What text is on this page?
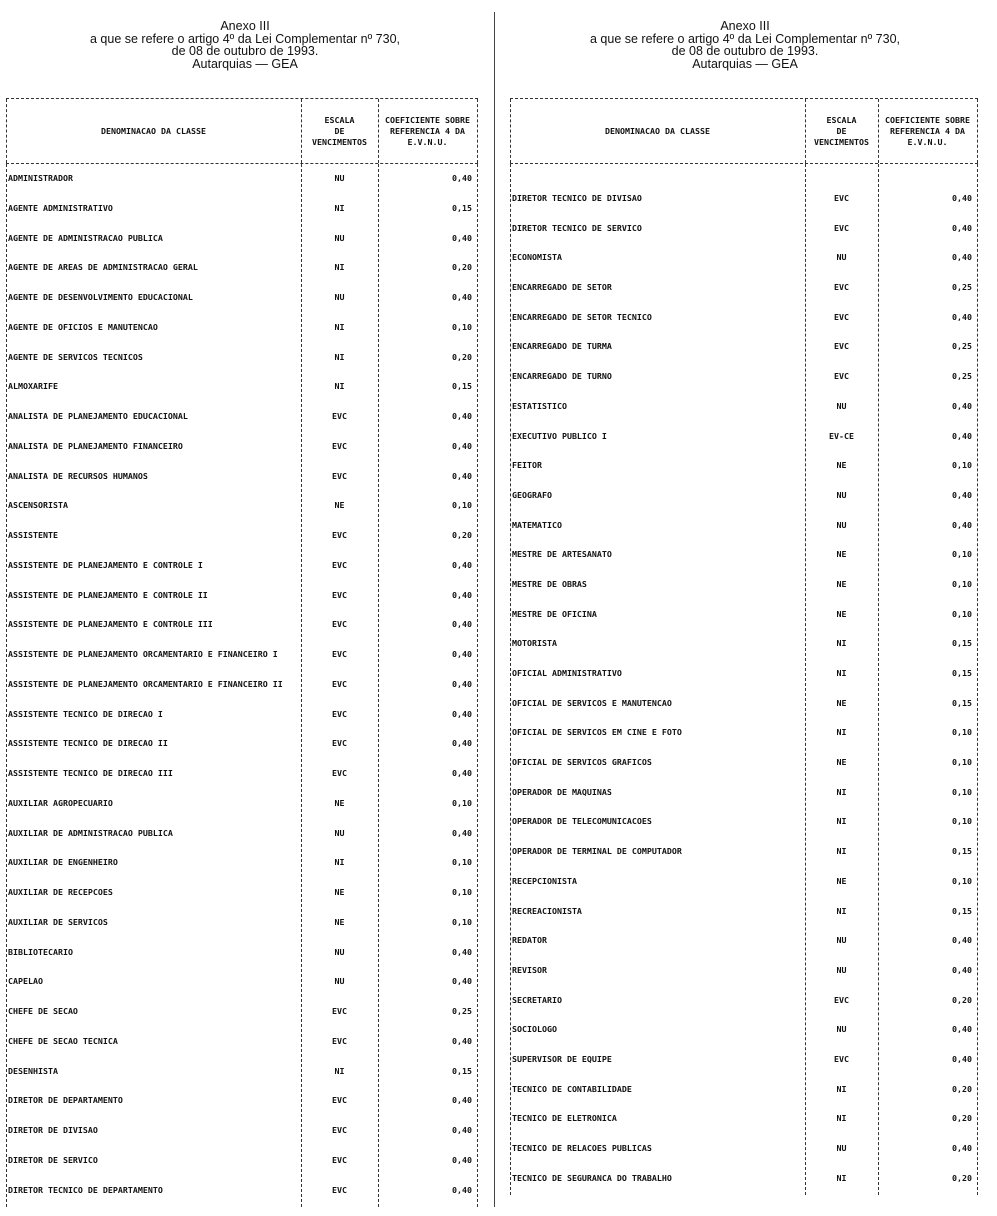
Anexo III
a que se refere o artigo 4º da Lei Complementar nº 730,
de 08 de outubro de 1993.
Autarquias — GEA
DENOMINACAO DA CLASSE
ESCALA
DE
VENCIMENTOS
COEFICIENTE SOBRE
REFERENCIA 4 DA
E.V.N.U.
ADMINISTRADOR	NU	0,40
AGENTE ADMINISTRATIVO	NI	0,15
AGENTE DE ADMINISTRACAO PUBLICA	NU	0,40
AGENTE DE AREAS DE ADMINISTRACAO GERAL	NI	0,20
AGENTE DE DESENVOLVIMENTO EDUCACIONAL	NU	0,40
AGENTE DE OFICIOS E MANUTENCAO	NI	0,10
AGENTE DE SERVICOS TECNICOS	NI	0,20
ALMOXARIFE	NI	0,15
ANALISTA DE PLANEJAMENTO EDUCACIONAL	EVC	0,40
ANALISTA DE PLANEJAMENTO FINANCEIRO	EVC	0,40
ANALISTA DE RECURSOS HUMANOS	EVC	0,40
ASCENSORISTA	NE	0,10
ASSISTENTE	EVC	0,20
ASSISTENTE DE PLANEJAMENTO E CONTROLE I	EVC	0,40
ASSISTENTE DE PLANEJAMENTO E CONTROLE II	EVC	0,40
ASSISTENTE DE PLANEJAMENTO E CONTROLE III	EVC	0,40
ASSISTENTE DE PLANEJAMENTO ORCAMENTARIO E FINANCEIRO I	EVC	0,40
ASSISTENTE DE PLANEJAMENTO ORCAMENTARIO E FINANCEIRO II	EVC	0,40
ASSISTENTE TECNICO DE DIRECAO I	EVC	0,40
ASSISTENTE TECNICO DE DIRECAO II	EVC	0,40
ASSISTENTE TECNICO DE DIRECAO III	EVC	0,40
AUXILIAR AGROPECUARIO	NE	0,10
AUXILIAR DE ADMINISTRACAO PUBLICA	NU	0,40
AUXILIAR DE ENGENHEIRO	NI	0,10
AUXILIAR DE RECEPCOES	NE	0,10
AUXILIAR DE SERVICOS	NE	0,10
BIBLIOTECARIO	NU	0,40
CAPELAO	NU	0,40
CHEFE DE SECAO	EVC	0,25
CHEFE DE SECAO TECNICA	EVC	0,40
DESENHISTA	NI	0,15
DIRETOR DE DEPARTAMENTO	EVC	0,40
DIRETOR DE DIVISAO	EVC	0,40
DIRETOR DE SERVICO	EVC	0,40
DIRETOR TECNICO DE DEPARTAMENTO	EVC	0,40
Anexo III
a que se refere o artigo 4º da Lei Complementar nº 730,
de 08 de outubro de 1993.
Autarquias — GEA
DENOMINACAO DA CLASSE
ESCALA
DE
VENCIMENTOS
COEFICIENTE SOBRE
REFERENCIA 4 DA
E.V.N.U.
DIRETOR TECNICO DE DIVISAO	EVC	0,40
DIRETOR TECNICO DE SERVICO	EVC	0,40
ECONOMISTA	NU	0,40
ENCARREGADO DE SETOR	EVC	0,25
ENCARREGADO DE SETOR TECNICO	EVC	0,40
ENCARREGADO DE TURMA	EVC	0,25
ENCARREGADO DE TURNO	EVC	0,25
ESTATISTICO	NU	0,40
EXECUTIVO PUBLICO I	EV-CE	0,40
FEITOR	NE	0,10
GEOGRAFO	NU	0,40
MATEMATICO	NU	0,40
MESTRE DE ARTESANATO	NE	0,10
MESTRE DE OBRAS	NE	0,10
MESTRE DE OFICINA	NE	0,10
MOTORISTA	NI	0,15
OFICIAL ADMINISTRATIVO	NI	0,15
OFICIAL DE SERVICOS E MANUTENCAO	NE	0,15
OFICIAL DE SERVICOS EM CINE E FOTO	NI	0,10
OFICIAL DE SERVICOS GRAFICOS	NE	0,10
OPERADOR DE MAQUINAS	NI	0,10
OPERADOR DE TELECOMUNICACOES	NI	0,10
OPERADOR DE TERMINAL DE COMPUTADOR	NI	0,15
RECEPCIONISTA	NE	0,10
RECREACIONISTA	NI	0,15
REDATOR	NU	0,40
REVISOR	NU	0,40
SECRETARIO	EVC	0,20
SOCIOLOGO	NU	0,40
SUPERVISOR DE EQUIPE	EVC	0,40
TECNICO DE CONTABILIDADE	NI	0,20
TECNICO DE ELETRONICA	NI	0,20
TECNICO DE RELACOES PUBLICAS	NU	0,40
TECNICO DE SEGURANCA DO TRABALHO	NI	0,20
